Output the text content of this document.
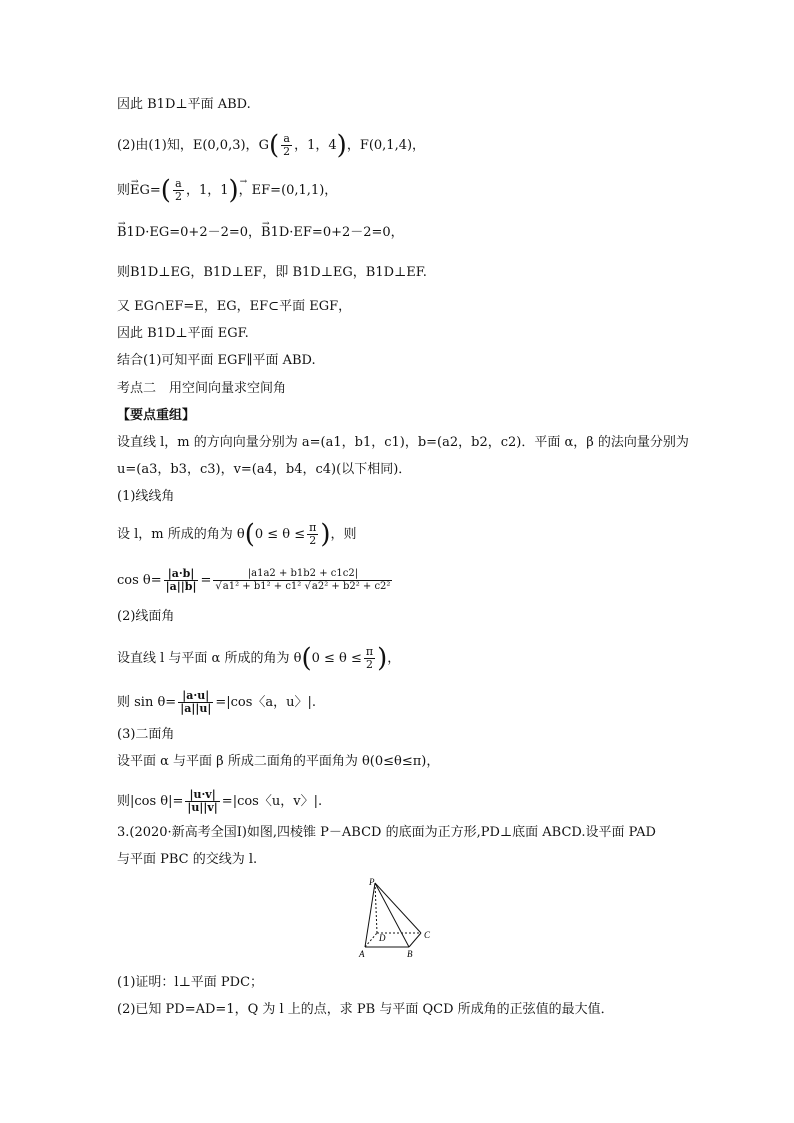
因此 B1D⊥平面 ABD.
(2)由(1)知，E(0,0,3)，$G( \frac{a}{2}$ ，1，4)，F(0,1,4)，
则→ $EG=( \frac{a}{2}$ ，1，1)→ ，EF=(0,1,1)，
→ B1D·EG=0+2－2=0，→ B1D·EF=0+2－2=0，
则B1D⊥EG，B1D⊥EF，即 B1D⊥EG，B1D⊥EF.
又 EG∩EF=E，EG，EF⊂平面 EGF，
因此 B1D⊥平面 EGF.
结合(1)可知平面 EGF∥平面 ABD.
考点二　用空间向量求空间角
【要点重组】
设直线 l，m 的方向向量分别为 a=(a1，b1，c1)，b=(a2，b2，c2)．平面 α，β 的法向量分别为
u=(a3，b3，c3)，v=(a4，b4，c4)(以下相同)．
(1)线线角
设 l，m 所成的角为 $\theta(0 \le \theta \le \frac{\pi}{2}$ )，则
$\cos \theta= \frac{|a\cdot b|}{|a||b|} = \frac{|a1a2 + b1b2 + c1c2|}{\text{√a1² + b1² + c1² √a2² + b2² + c2²}}$
(2)线面角
设直线 l 与平面 α 所成的角为 $\theta(0 \le \theta \le \frac{\pi}{2}$ )，
则 $\sin \theta= \frac{|a\cdot u|}{|a||u|} =|\cos$〈a，u〉|.
(3)二面角
设平面 α 与平面 β 所成二面角的平面角为 θ(0≤θ≤π)，
则|cos $\theta|= \frac{|u\cdot v|}{|u||v|} =|\cos$〈u，v〉|.
3.(2020·新高考全国Ⅰ)如图,四棱锥 P－ABCD 的底面为正方形,PD⊥底面 ABCD.设平面 PAD
与平面 PBC 的交线为 l.
P
A	B
C
D
(1)证明：l⊥平面 PDC；
(2)已知 PD=AD=1，Q 为 l 上的点，求 PB 与平面 QCD 所成角的正弦值的最大值．
